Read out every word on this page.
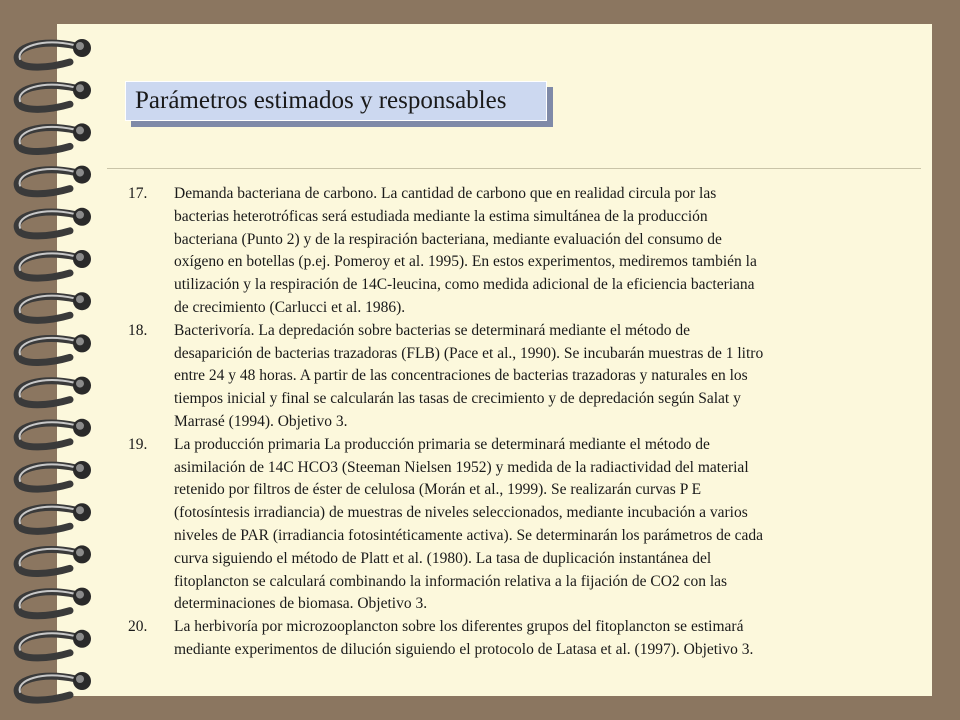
Parámetros estimados y responsables
17.	Demanda bacteriana de carbono. La cantidad de carbono que en realidad circula por las
bacterias heterotróficas será estudiada mediante la estima simultánea de la producción
bacteriana (Punto 2) y de la respiración bacteriana, mediante evaluación del consumo de
oxígeno en botellas (p.ej. Pomeroy et al. 1995). En estos experimentos, mediremos también la
utilización y la respiración de 14C-leucina, como medida adicional de la eficiencia bacteriana
de crecimiento (Carlucci et al. 1986).
18.	Bacterivoría. La depredación sobre bacterias se determinará mediante el método de
desaparición de bacterias trazadoras (FLB) (Pace et al., 1990). Se incubarán muestras de 1 litro
entre 24 y 48 horas. A partir de las concentraciones de bacterias trazadoras y naturales en los
tiempos inicial y final se calcularán las tasas de crecimiento y de depredación según Salat y
Marrasé (1994). Objetivo 3.
19.	La producción primaria La producción primaria se determinará mediante el método de
asimilación de 14C HCO3 (Steeman Nielsen 1952) y medida de la radiactividad del material
retenido por filtros de éster de celulosa (Morán et al., 1999). Se realizarán curvas P E
(fotosíntesis irradiancia) de muestras de niveles seleccionados, mediante incubación a varios
niveles de PAR (irradiancia fotosintéticamente activa). Se determinarán los parámetros de cada
curva siguiendo el método de Platt et al. (1980). La tasa de duplicación instantánea del
fitoplancton se calculará combinando la información relativa a la fijación de CO2 con las
determinaciones de biomasa. Objetivo 3.
20.	La herbivoría por microzooplancton sobre los diferentes grupos del fitoplancton se estimará
mediante experimentos de dilución siguiendo el protocolo de Latasa et al. (1997). Objetivo 3.
